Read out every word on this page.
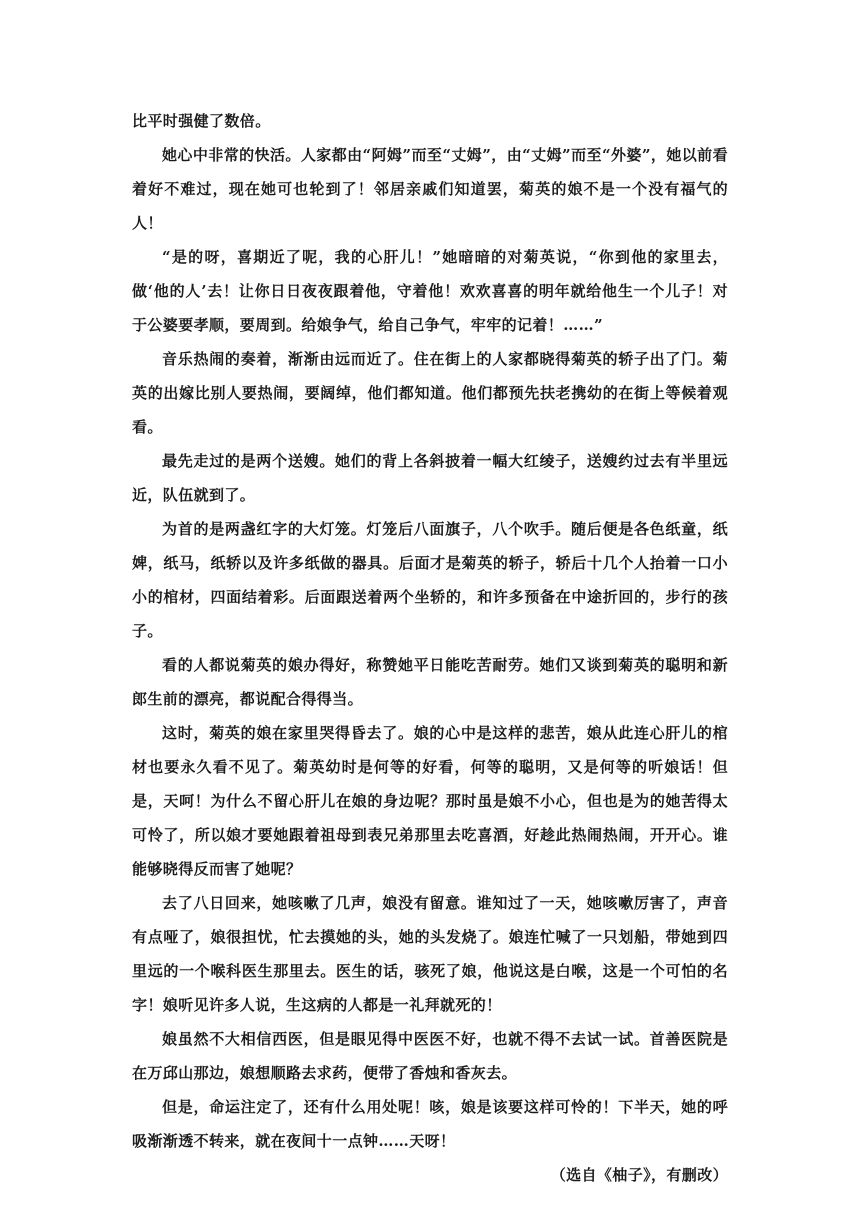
比平时强健了数倍。

她心中非常的快活。人家都由“阿姆”而至“丈姆”，由“丈姆”而至“外婆”，她以前看着好不难过，现在她可也轮到了！邻居亲戚们知道罢，菊英的娘不是一个没有福气的人！

“是的呀，喜期近了呢，我的心肝儿！”她暗暗的对菊英说，“你到他的家里去，做‘他的人’去！让你日日夜夜跟着他，守着他！欢欢喜喜的明年就给他生一个儿子！对于公婆要孝顺，要周到。给娘争气，给自己争气，牢牢的记着！……”

音乐热闹的奏着，渐渐由远而近了。住在街上的人家都晓得菊英的轿子出了门。菊英的出嫁比别人要热闹，要阔绰，他们都知道。他们都预先扶老携幼的在街上等候着观看。

最先走过的是两个送嫂。她们的背上各斜披着一幅大红绫子，送嫂约过去有半里远近，队伍就到了。

为首的是两盏红字的大灯笼。灯笼后八面旗子，八个吹手。随后便是各色纸童，纸婢，纸马，纸轿以及许多纸做的器具。后面才是菊英的轿子，轿后十几个人抬着一口小小的棺材，四面结着彩。后面跟送着两个坐轿的，和许多预备在中途折回的，步行的孩子。

看的人都说菊英的娘办得好，称赞她平日能吃苦耐劳。她们又谈到菊英的聪明和新郎生前的漂亮，都说配合得得当。

这时，菊英的娘在家里哭得昏去了。娘的心中是这样的悲苦，娘从此连心肝儿的棺材也要永久看不见了。菊英幼时是何等的好看，何等的聪明，又是何等的听娘话！但是，天呵！为什么不留心肝儿在娘的身边呢？那时虽是娘不小心，但也是为的她苦得太可怜了，所以娘才要她跟着祖母到表兄弟那里去吃喜酒，好趁此热闹热闹，开开心。谁能够晓得反而害了她呢？

去了八日回来，她咳嗽了几声，娘没有留意。谁知过了一天，她咳嗽厉害了，声音有点哑了，娘很担忧，忙去摸她的头，她的头发烧了。娘连忙喊了一只划船，带她到四里远的一个喉科医生那里去。医生的话，骇死了娘，他说这是白喉，这是一个可怕的名字！娘听见许多人说，生这病的人都是一礼拜就死的！

娘虽然不大相信西医，但是眼见得中医医不好，也就不得不去试一试。首善医院是在万邱山那边，娘想顺路去求药，便带了香烛和香灰去。

但是，命运注定了，还有什么用处呢！咳，娘是该要这样可怜的！下半天，她的呼吸渐渐透不转来，就在夜间十一点钟……天呀！

（选自《柚子》，有删改）
